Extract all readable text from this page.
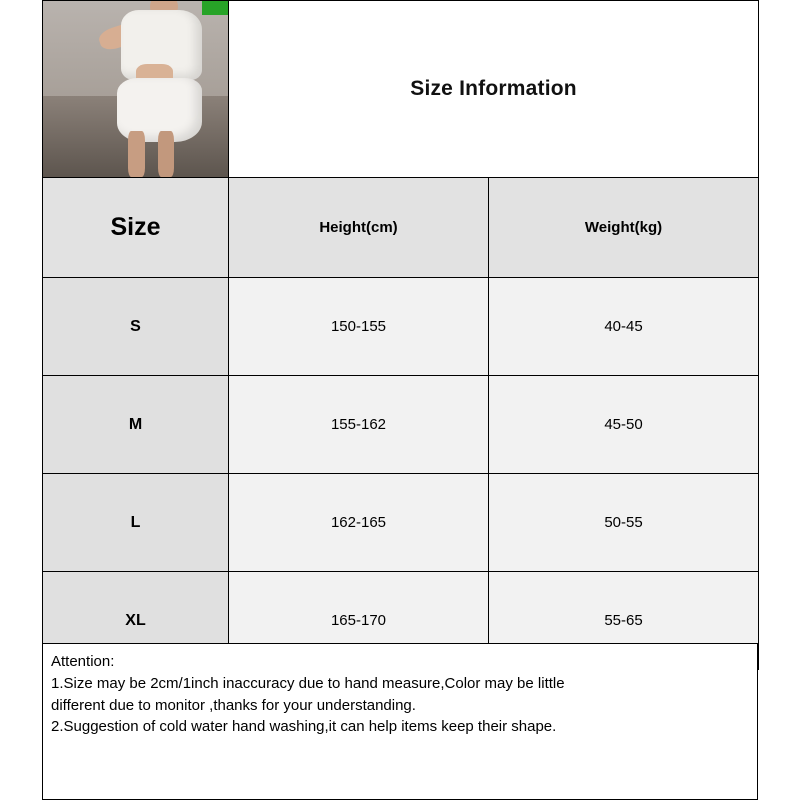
	Size Information	
Size	Height(cm)	Weight(kg)
S	150-155	40-45
M	155-162	45-50
L	162-165	50-55
XL	165-170	55-65
Attention:
1.Size may be 2cm/1inch inaccuracy due to hand measure,Color may be little
different due to monitor ,thanks for your understanding.
2.Suggestion of cold water hand washing,it can help items keep their shape.
